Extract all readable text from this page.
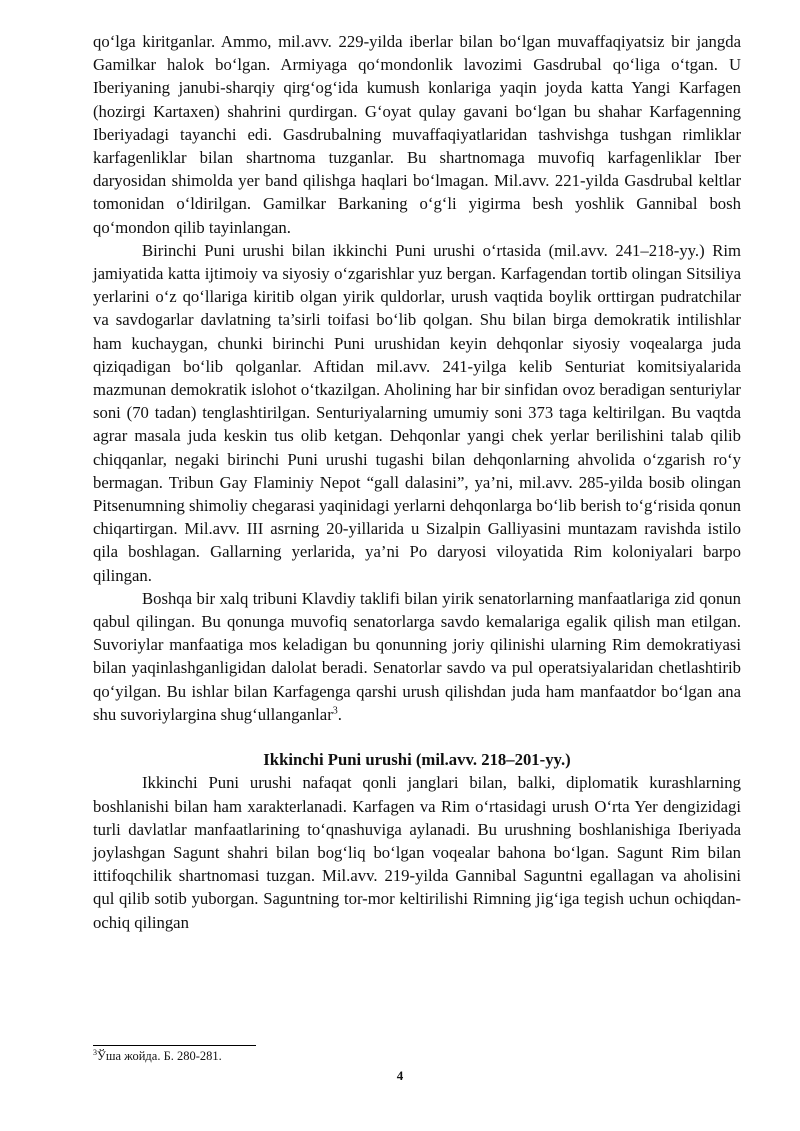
qo‘lga kiritganlar. Ammo, mil.avv. 229-yilda iberlar bilan bo‘lgan muvaffaqiyatsiz bir jangda Gamilkar halok bo‘lgan. Armiyaga qo‘mondonlik lavozimi Gasdrubal qo‘liga o‘tgan. U Iberiyaning janubi-sharqiy qirg‘og‘ida kumush konlariga yaqin joyda katta Yangi Karfagen (hozirgi Kartaxen) shahrini qurdirgan. G‘oyat qulay gavani bo‘lgan bu shahar Karfagenning Iberiyadagi tayanchi edi. Gasdrubalning muvaffaqiyatlaridan tashvishga tushgan rimliklar karfagenliklar bilan shartnoma tuzganlar. Bu shartnomaga muvofiq karfagenliklar Iber daryosidan shimolda yer band qilishga haqlari bo‘lmagan. Mil.avv. 221-yilda Gasdrubal keltlar tomonidan o‘ldirilgan. Gamilkar Barkaning o‘g‘li yigirma besh yoshlik Gannibal bosh qo‘mondon qilib tayinlangan.

Birinchi Puni urushi bilan ikkinchi Puni urushi o‘rtasida (mil.avv. 241–218-yy.) Rim jamiyatida katta ijtimoiy va siyosiy o‘zgarishlar yuz bergan. Karfagendan tortib olingan Sitsiliya yerlarini o‘z qo‘llariga kiritib olgan yirik quldorlar, urush vaqtida boylik orttirgan pudratchilar va savdogarlar davlatning ta’sirli toifasi bo‘lib qolgan. Shu bilan birga demokratik intilishlar ham kuchaygan, chunki birinchi Puni urushidan keyin dehqonlar siyosiy voqealarga juda qiziqadigan bo‘lib qolganlar. Aftidan mil.avv. 241-yilga kelib Senturiat komitsiyalarida mazmunan demokratik islohot o‘tkazilgan. Aholining har bir sinfidan ovoz beradigan senturiylar soni (70 tadan) tenglashtirilgan. Senturiyalarning umumiy soni 373 taga keltirilgan. Bu vaqtda agrar masala juda keskin tus olib ketgan. Dehqonlar yangi chek yerlar berilishini talab qilib chiqqanlar, negaki birinchi Puni urushi tugashi bilan dehqonlarning ahvolida o‘zgarish ro‘y bermagan. Tribun Gay Flaminiy Nepot “gall dalasini”, ya’ni, mil.avv. 285-yilda bosib olingan Pitsenumning shimoliy chegarasi yaqinidagi yerlarni dehqonlarga bo‘lib berish to‘g‘risida qonun chiqartirgan. Mil.avv. III asrning 20-yillarida u Sizalpin Galliyasini muntazam ravishda istilo qila boshlagan. Gallarning yerlarida, ya’ni Po daryosi viloyatida Rim koloniyalari barpo qilingan.

Boshqa bir xalq tribuni Klavdiy taklifi bilan yirik senatorlarning manfaatlariga zid qonun qabul qilingan. Bu qonunga muvofiq senatorlarga savdo kemalariga egalik qilish man etilgan. Suvoriylar manfaatiga mos keladigan bu qonunning joriy qilinishi ularning Rim demokratiyasi bilan yaqinlashganligidan dalolat beradi. Senatorlar savdo va pul operatsiyalaridan chetlashtirib qo‘yilgan. Bu ishlar bilan Karfagenga qarshi urush qilishdan juda ham manfaatdor bo‘lgan ana shu suvoriylargina shug‘ullanganlar$^3$.

Ikkinchi Puni urushi (mil.avv. 218–201-yy.)

Ikkinchi Puni urushi nafaqat qonli janglari bilan, balki, diplomatik kurashlarning boshlanishi bilan ham xarakterlanadi. Karfagen va Rim o‘rtasidagi urush O‘rta Yer dengizidagi turli davlatlar manfaatlarining to‘qnashuviga aylanadi. Bu urushning boshlanishiga Iberiyada joylashgan Sagunt shahri bilan bog‘liq bo‘lgan voqealar bahona bo‘lgan. Sagunt Rim bilan ittifoqchilik shartnomasi tuzgan. Mil.avv. 219-yilda Gannibal Saguntni egallagan va aholisini qul qilib sotib yuborgan. Saguntning tor-mor keltirilishi Rimning jig‘iga tegish uchun ochiqdan-ochiq qilingan

$^3$Ўша жойда. Б. 280-281.
4
